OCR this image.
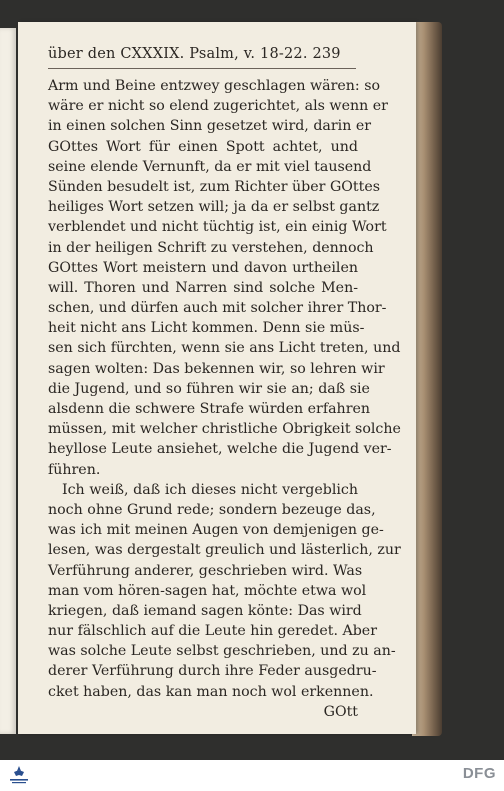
über den CXXXIX. Psalm, v. 18-22. 239
Arm und Beine entzwey geschlagen wären: so
wäre er nicht so elend zugerichtet, als wenn er
in einen solchen Sinn gesetzet wird, darin er
GOttes Wort für einen Spott achtet, und
seine elende Vernunft, da er mit viel tausend
Sünden besudelt ist, zum Richter über GOttes
heiliges Wort setzen will; ja da er selbst gantz
verblendet und nicht tüchtig ist, ein einig Wort
in der heiligen Schrift zu verstehen, dennoch
GOttes Wort meistern und davon urtheilen
will. Thoren und Narren sind solche Men-
schen, und dürfen auch mit solcher ihrer Thor-
heit nicht ans Licht kommen. Denn sie müs-
sen sich fürchten, wenn sie ans Licht treten, und
sagen wolten: Das bekennen wir, so lehren wir
die Jugend, und so führen wir sie an; daß sie
alsdenn die schwere Strafe würden erfahren
müssen, mit welcher christliche Obrigkeit solche
heyllose Leute ansiehet, welche die Jugend ver-
führen.
Ich weiß, daß ich dieses nicht vergeblich
noch ohne Grund rede; sondern bezeuge das,
was ich mit meinen Augen von demjenigen ge-
lesen, was dergestalt greulich und lästerlich, zur
Verführung anderer, geschrieben wird. Was
man vom hören-sagen hat, möchte etwa wol
kriegen, daß iemand sagen könte: Das wird
nur fälschlich auf die Leute hin geredet. Aber
was solche Leute selbst geschrieben, und zu an-
derer Verführung durch ihre Feder ausgedru-
cket haben, das kan man noch wol erkennen.
GOtt
DFG
